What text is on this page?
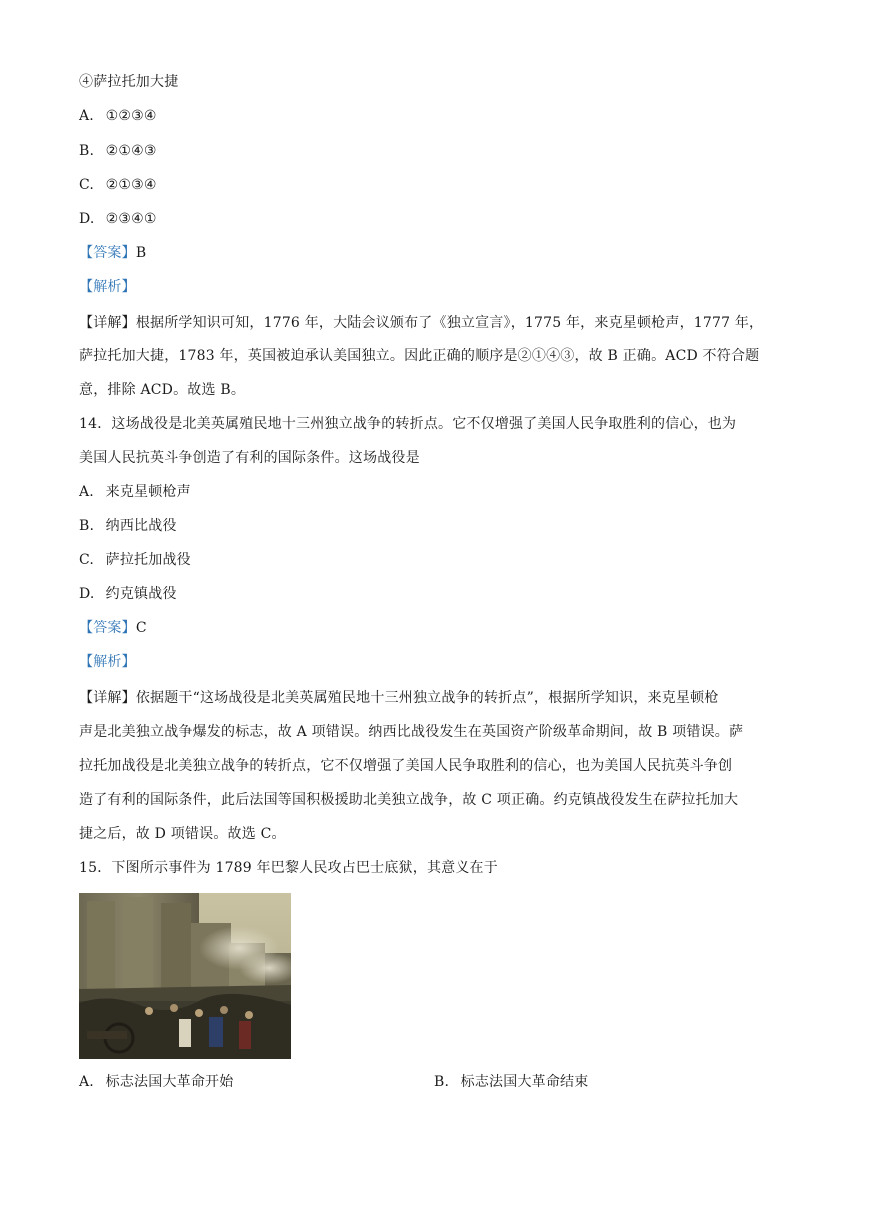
④萨拉托加大捷
A. ①②③④
B. ②①④③
C. ②①③④
D. ②③④①
【答案】B
【解析】
【详解】根据所学知识可知，1776 年，大陆会议颁布了《独立宣言》，1775 年，来克星顿枪声，1777 年，
萨拉托加大捷，1783 年，英国被迫承认美国独立。因此正确的顺序是②①④③，故 B 正确。ACD 不符合题
意，排除 ACD。故选 B。
14．这场战役是北美英属殖民地十三州独立战争的转折点。它不仅增强了美国人民争取胜利的信心，也为
美国人民抗英斗争创造了有利的国际条件。这场战役是
A. 来克星顿枪声
B. 纳西比战役
C. 萨拉托加战役
D. 约克镇战役
【答案】C
【解析】
【详解】依据题干“这场战役是北美英属殖民地十三州独立战争的转折点”，根据所学知识，来克星顿枪
声是北美独立战争爆发的标志，故 A 项错误。纳西比战役发生在英国资产阶级革命期间，故 B 项错误。萨
拉托加战役是北美独立战争的转折点，它不仅增强了美国人民争取胜利的信心，也为美国人民抗英斗争创
造了有利的国际条件，此后法国等国积极援助北美独立战争，故 C 项正确。约克镇战役发生在萨拉托加大
捷之后，故 D 项错误。故选 C。
15．下图所示事件为 1789 年巴黎人民攻占巴士底狱，其意义在于
A. 标志法国大革命开始	B. 标志法国大革命结束
